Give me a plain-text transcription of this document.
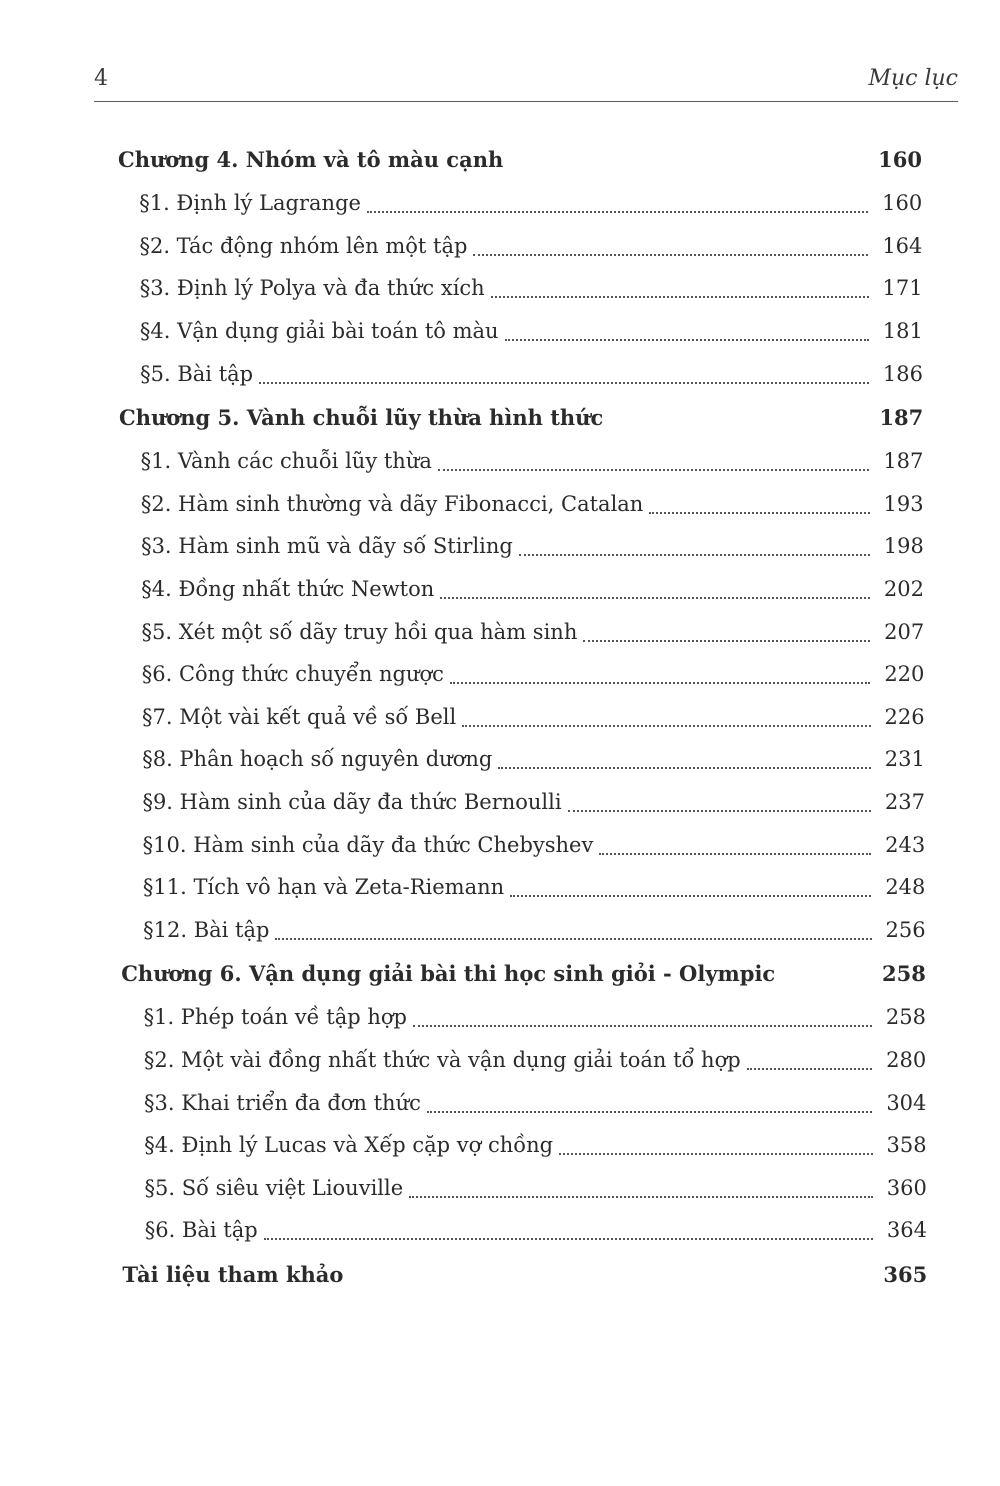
4	Mục lục
Chương 4. Nhóm và tô màu cạnh	160
§1. Định lý Lagrange	160
§2. Tác động nhóm lên một tập	164
§3. Định lý Polya và đa thức xích	171
§4. Vận dụng giải bài toán tô màu	181
§5. Bài tập	186
Chương 5. Vành chuỗi lũy thừa hình thức	187
§1. Vành các chuỗi lũy thừa	187
§2. Hàm sinh thường và dãy Fibonacci, Catalan	193
§3. Hàm sinh mũ và dãy số Stirling	198
§4. Đồng nhất thức Newton	202
§5. Xét một số dãy truy hồi qua hàm sinh	207
§6. Công thức chuyển ngược	220
§7. Một vài kết quả về số Bell	226
§8. Phân hoạch số nguyên dương	231
§9. Hàm sinh của dãy đa thức Bernoulli	237
§10. Hàm sinh của dãy đa thức Chebyshev	243
§11. Tích vô hạn và Zeta-Riemann	248
§12. Bài tập	256
Chương 6. Vận dụng giải bài thi học sinh giỏi - Olympic	258
§1. Phép toán về tập hợp	258
§2. Một vài đồng nhất thức và vận dụng giải toán tổ hợp	280
§3. Khai triển đa đơn thức	304
§4. Định lý Lucas và Xếp cặp vợ chồng	358
§5. Số siêu việt Liouville	360
§6. Bài tập	364
Tài liệu tham khảo	365
